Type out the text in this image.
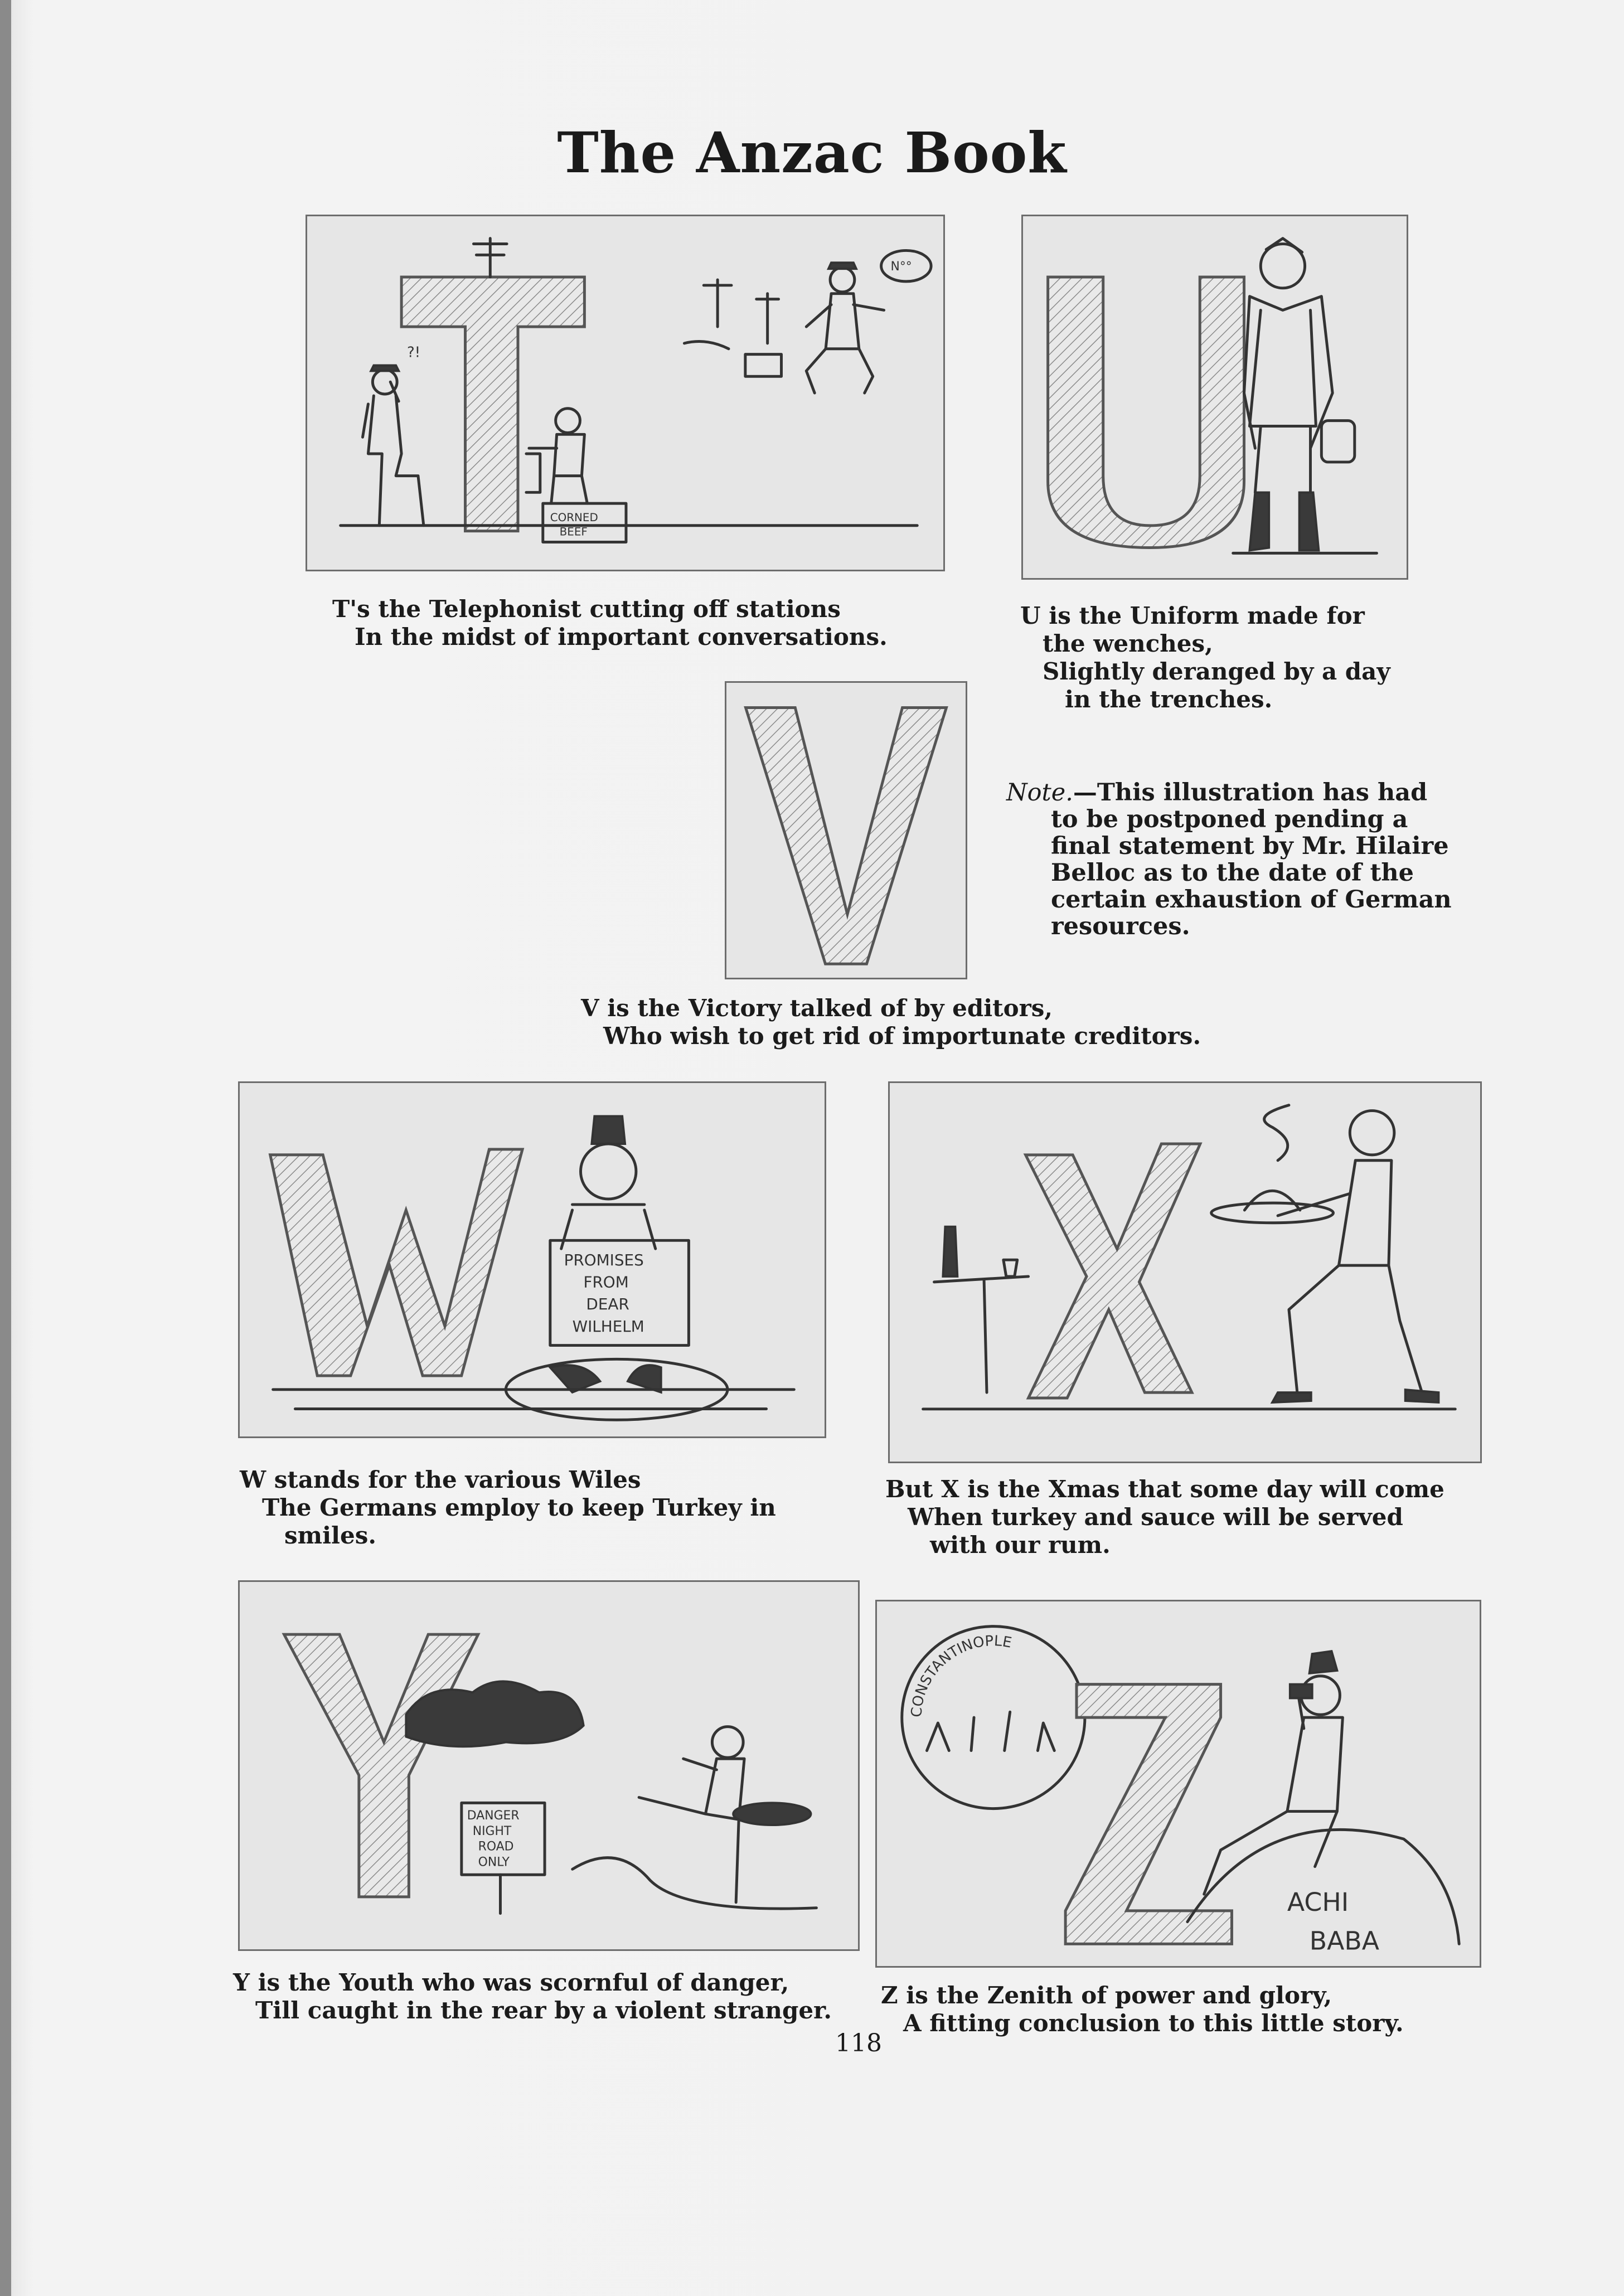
The Anzac Book
?!
CORNED
BEEF
N°°
T's the Telephonist cutting off stations
In the midst of important conversations.
U is the Uniform made for
the wenches,
Slightly deranged by a day
in the trenches.
Note.—This illustration has had
to be postponed pending a
final statement by Mr. Hilaire
Belloc as to the date of the
certain exhaustion of German
resources.
V is the Victory talked of by editors,
Who wish to get rid of importunate creditors.
PROMISES
FROM
DEAR
WILHELM
W stands for the various Wiles
The Germans employ to keep Turkey in
smiles.
But X is the Xmas that some day will come
When turkey and sauce will be served
with our rum.
DANGER
NIGHT
ROAD
ONLY
CONSTANTINOPLE
ACHI
BABA
Y is the Youth who was scornful of danger,
Till caught in the rear by a violent stranger.
Z is the Zenith of power and glory,
A fitting conclusion to this little story.
118
